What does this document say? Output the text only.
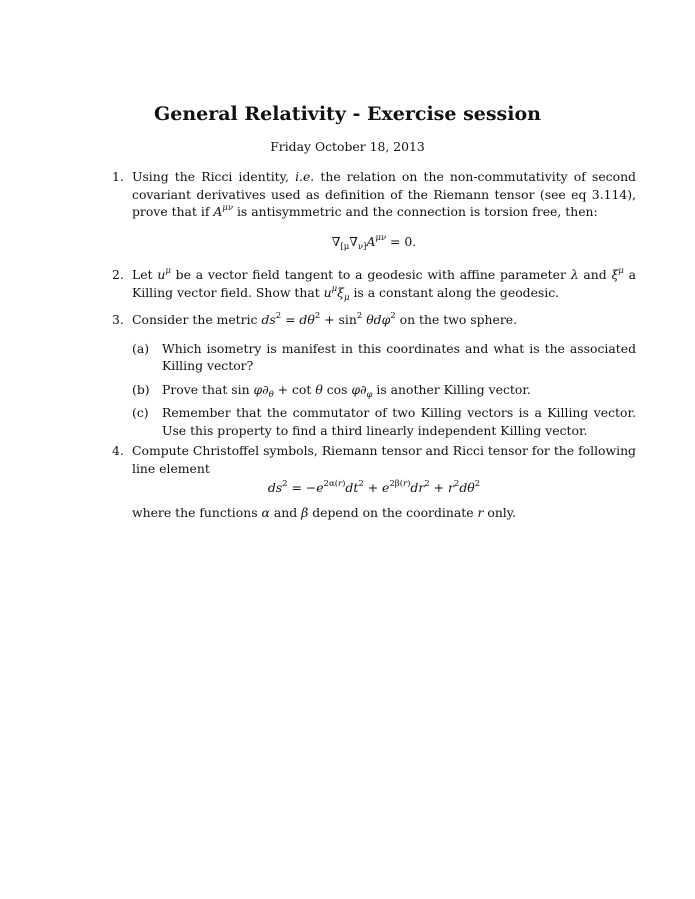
General Relativity - Exercise session
Friday October 18, 2013
1. Using the Ricci identity, i.e. the relation on the non-commutativity of second covariant derivatives used as definition of the Riemann tensor (see eq 3.114), prove that if $A^{\mu\nu}$ is antisymmetric and the connection is torsion free, then:
$\nabla_{[\mu}\nabla_{\nu]}A^{\mu\nu} = 0$.
2. Let $u^\mu$ be a vector field tangent to a geodesic with affine parameter λ and $\xi^\mu$ a Killing vector field. Show that $u^\mu\xi_\mu$ is a constant along the geodesic.
3. Consider the metric $ds^2 = d\theta^2 + \sin^2 \theta d\varphi^2$ on the two sphere.
(a) Which isometry is manifest in this coordinates and what is the associated Killing vector?
(b) Prove that $\sin \varphi\partial_\theta + \cot \theta$ $\cos \varphi\partial_\varphi$ is another Killing vector.
(c) Remember that the commutator of two Killing vectors is a Killing vector. Use this property to find a third linearly independent Killing vector.
4. Compute Christoffel symbols, Riemann tensor and Ricci tensor for the following line element
$ds^2 = -e^{2\alpha(r)}dt^2 + e^{2\beta(r)}dr^2 + r^2d\theta^2$
where the functions α and β depend on the coordinate r only.
